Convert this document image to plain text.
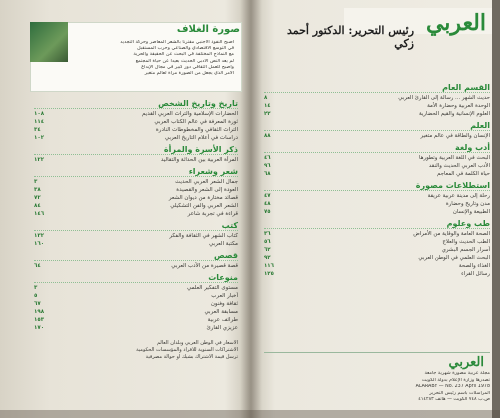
صورة الغلاف
أصبح النفوذ الأجنبي مقترناً بالشعر المعاصر وحركة التجديد
في التوسع الاقتصادي والصناعي وحرب المستقبل
مع النماذج المختلفة في البحث عن الحقيقة والحرية
لم يعد النص الأدبي الحديث بعيداً عن حياة المجتمع
وأصبح للعمل الثقافي دور كبير في مجال الإبداع
الأمر الذي يجعل من الصورة مرآة لعالم متغير
تاريخ وتاريخ الشخص
الحضارات الإسلامية والتراث العربي القديم
١٠٨
ثورة المعرفة في عالم الكتاب العربي
١١٤
التراث الثقافي والمخطوطات النادرة
٣٤
دراسات في أعلام التاريخ العربي
١٠٢
ذكر الأسرة والمرأة
المرأة العربية بين الحداثة والتقاليد
١٢٢
شعر وشعراء
جمال الشعر العربي الحديث
٣
العودة إلى الشعر والقصيدة
٣٨
قصائد مختارة من ديوان الشعر
٧٢
الشعر العربي والفن التشكيلي
٨٤
قراءة في تجربة شاعر
١٤٦
كتب
كتاب الشهر في الثقافة والفكر
١٣٢
مكتبة العربي
١٦٠
قصص
قصة قصيرة من الأدب العربي
٦٤
منوعات
مستوى التفكير العلمي
٣
أخبار العرب
٥
ثقافة وفنون
٦٧
مسابقة العربي
١٩٨
طرائف عربية
١٥٣
عزيزي القارئ
١٧٠
الأسعار في الوطن العربي وبلدان العالم
الاشتراكات السنوية للأفراد والمؤسسات الحكومية
ترسل قيمة الاشتراك بشيك أو حوالة مصرفية
العربي
رئيس التحرير: الدكتور أحمد زكي
القسم العام
حديث الشهر ... رسالة إلى القارئ العربي
٨
الوحدة العربية وحضارة الأمة
١٤
العلوم الإنسانية والقيم الحضارية
٢٢
العلم
الإنسان والطاقة في عالم متغير
٨٨
أدب ولغة
البحث في اللغة العربية وتطورها
٤٦
الأدب العربي الحديث والنقد
٩٦
حياة الكلمة في المعاجم
٦٨
استطلاعات مصورة
رحلة إلى مدينة عربية عريقة
٤٧
مدن وتاريخ وحضارة
٤٨
الطبيعة والإنسان
٧٥
طب وعلوم
الصحة العامة والوقاية من الأمراض
٣٦
الطب الحديث والعلاج
٥٦
أسرار الجسم البشري
٦٢
البحث العلمي في الوطن العربي
٩٢
الغذاء والصحة
١١٦
رسائل القراء
١٢٥
العربي
مجلة عربية مصورة شهرية جامعة
تصدرها وزارة الإعلام بدولة الكويت
ALARABY — No. 237 April 1978
المراسلات باسم رئيس التحرير
ص.ب ٧٤٨ الكويت — هاتف ٤١٤٢٨٣
